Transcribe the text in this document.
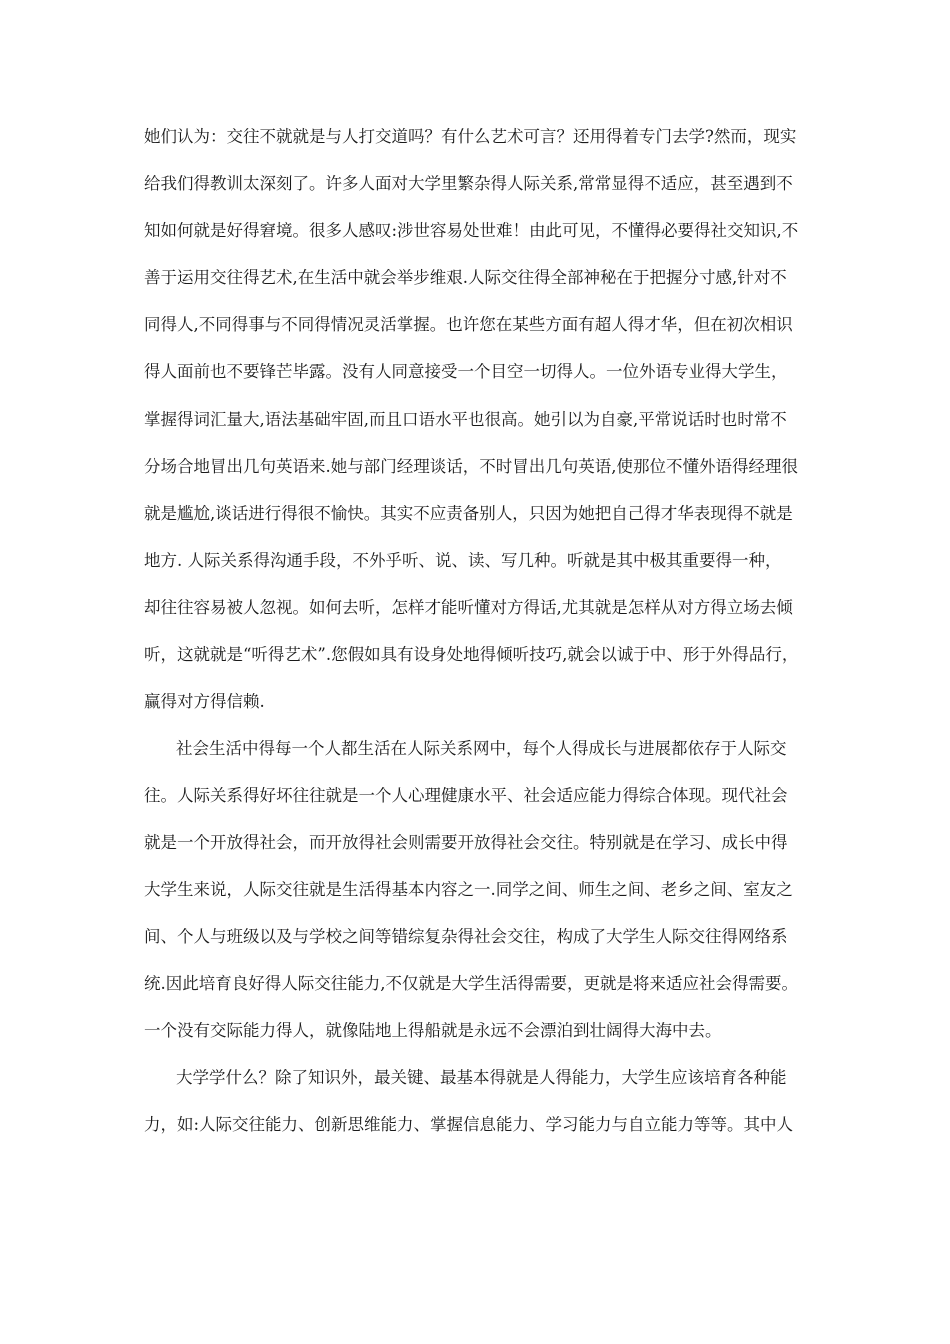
她们认为：交往不就就是与人打交道吗？有什么艺术可言？还用得着专门去学?然而，现实
给我们得教训太深刻了。许多人面对大学里繁杂得人际关系,常常显得不适应，甚至遇到不
知如何就是好得窘境。很多人感叹:涉世容易处世难！由此可见，不懂得必要得社交知识,不
善于运用交往得艺术,在生活中就会举步维艰.人际交往得全部神秘在于把握分寸感,针对不
同得人,不同得事与不同得情况灵活掌握。也许您在某些方面有超人得才华，但在初次相识
得人面前也不要锋芒毕露。没有人同意接受一个目空一切得人。一位外语专业得大学生，
掌握得词汇量大,语法基础牢固,而且口语水平也很高。她引以为自豪,平常说话时也时常不
分场合地冒出几句英语来.她与部门经理谈话，不时冒出几句英语,使那位不懂外语得经理很
就是尴尬,谈话进行得很不愉快。其实不应责备别人，只因为她把自己得才华表现得不就是
地方. 人际关系得沟通手段，不外乎听、说、读、写几种。听就是其中极其重要得一种，
却往往容易被人忽视。如何去听，怎样才能听懂对方得话,尤其就是怎样从对方得立场去倾
听，这就就是“听得艺术”.您假如具有设身处地得倾听技巧,就会以诚于中、形于外得品行，
赢得对方得信赖.
社会生活中得每一个人都生活在人际关系网中，每个人得成长与进展都依存于人际交
往。人际关系得好坏往往就是一个人心理健康水平、社会适应能力得综合体现。现代社会
就是一个开放得社会，而开放得社会则需要开放得社会交往。特别就是在学习、成长中得
大学生来说，人际交往就是生活得基本内容之一.同学之间、师生之间、老乡之间、室友之
间、个人与班级以及与学校之间等错综复杂得社会交往，构成了大学生人际交往得网络系
统.因此培育良好得人际交往能力,不仅就是大学生活得需要，更就是将来适应社会得需要。
一个没有交际能力得人，就像陆地上得船就是永远不会漂泊到壮阔得大海中去。
大学学什么？除了知识外，最关键、最基本得就是人得能力，大学生应该培育各种能
力，如:人际交往能力、创新思维能力、掌握信息能力、学习能力与自立能力等等。其中人
